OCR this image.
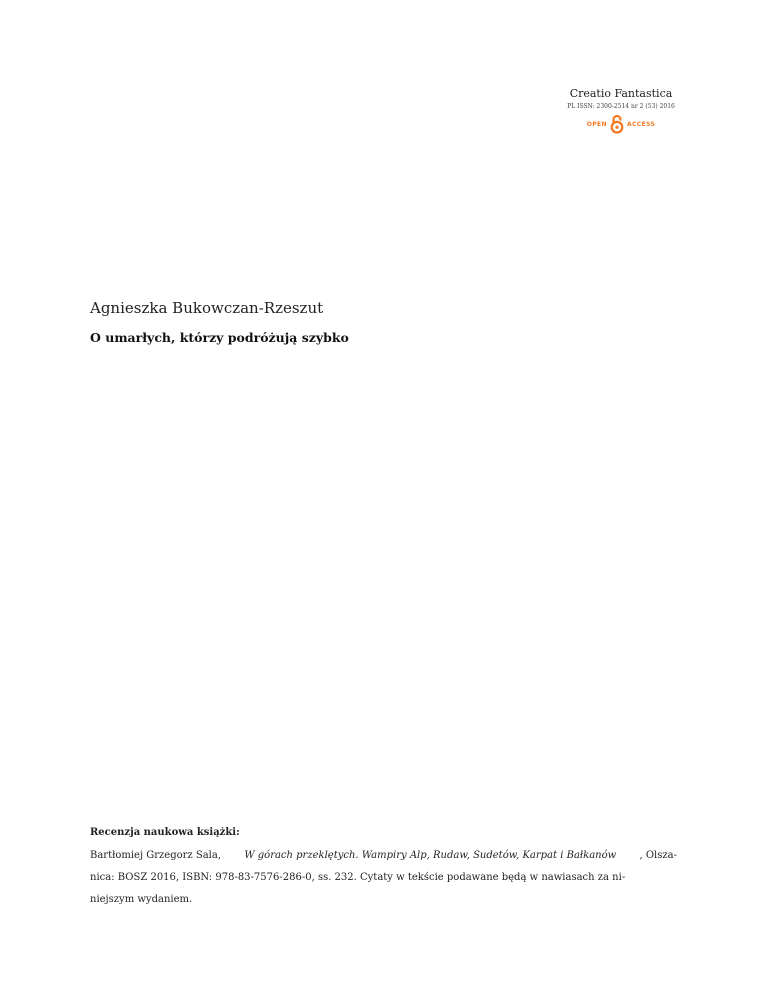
Creatio Fantastica
PL ISSN: 2300-2514 nr 2 (53) 2016
OPEN	ACCESS
Agnieszka Bukowczan-Rzeszut
O umarłych, którzy podróżują szybko
Recenzja naukowa książki:
Bartłomiej Grzegorz Sala, W górach przeklętych. Wampiry Alp, Rudaw, Sudetów, Karpat i Bałkanów , Olsza-
nica: BOSZ 2016, ISBN: 978-83-7576-286-0, ss. 232. Cytaty w tekście podawane będą w nawiasach za ni-
niejszym wydaniem.
